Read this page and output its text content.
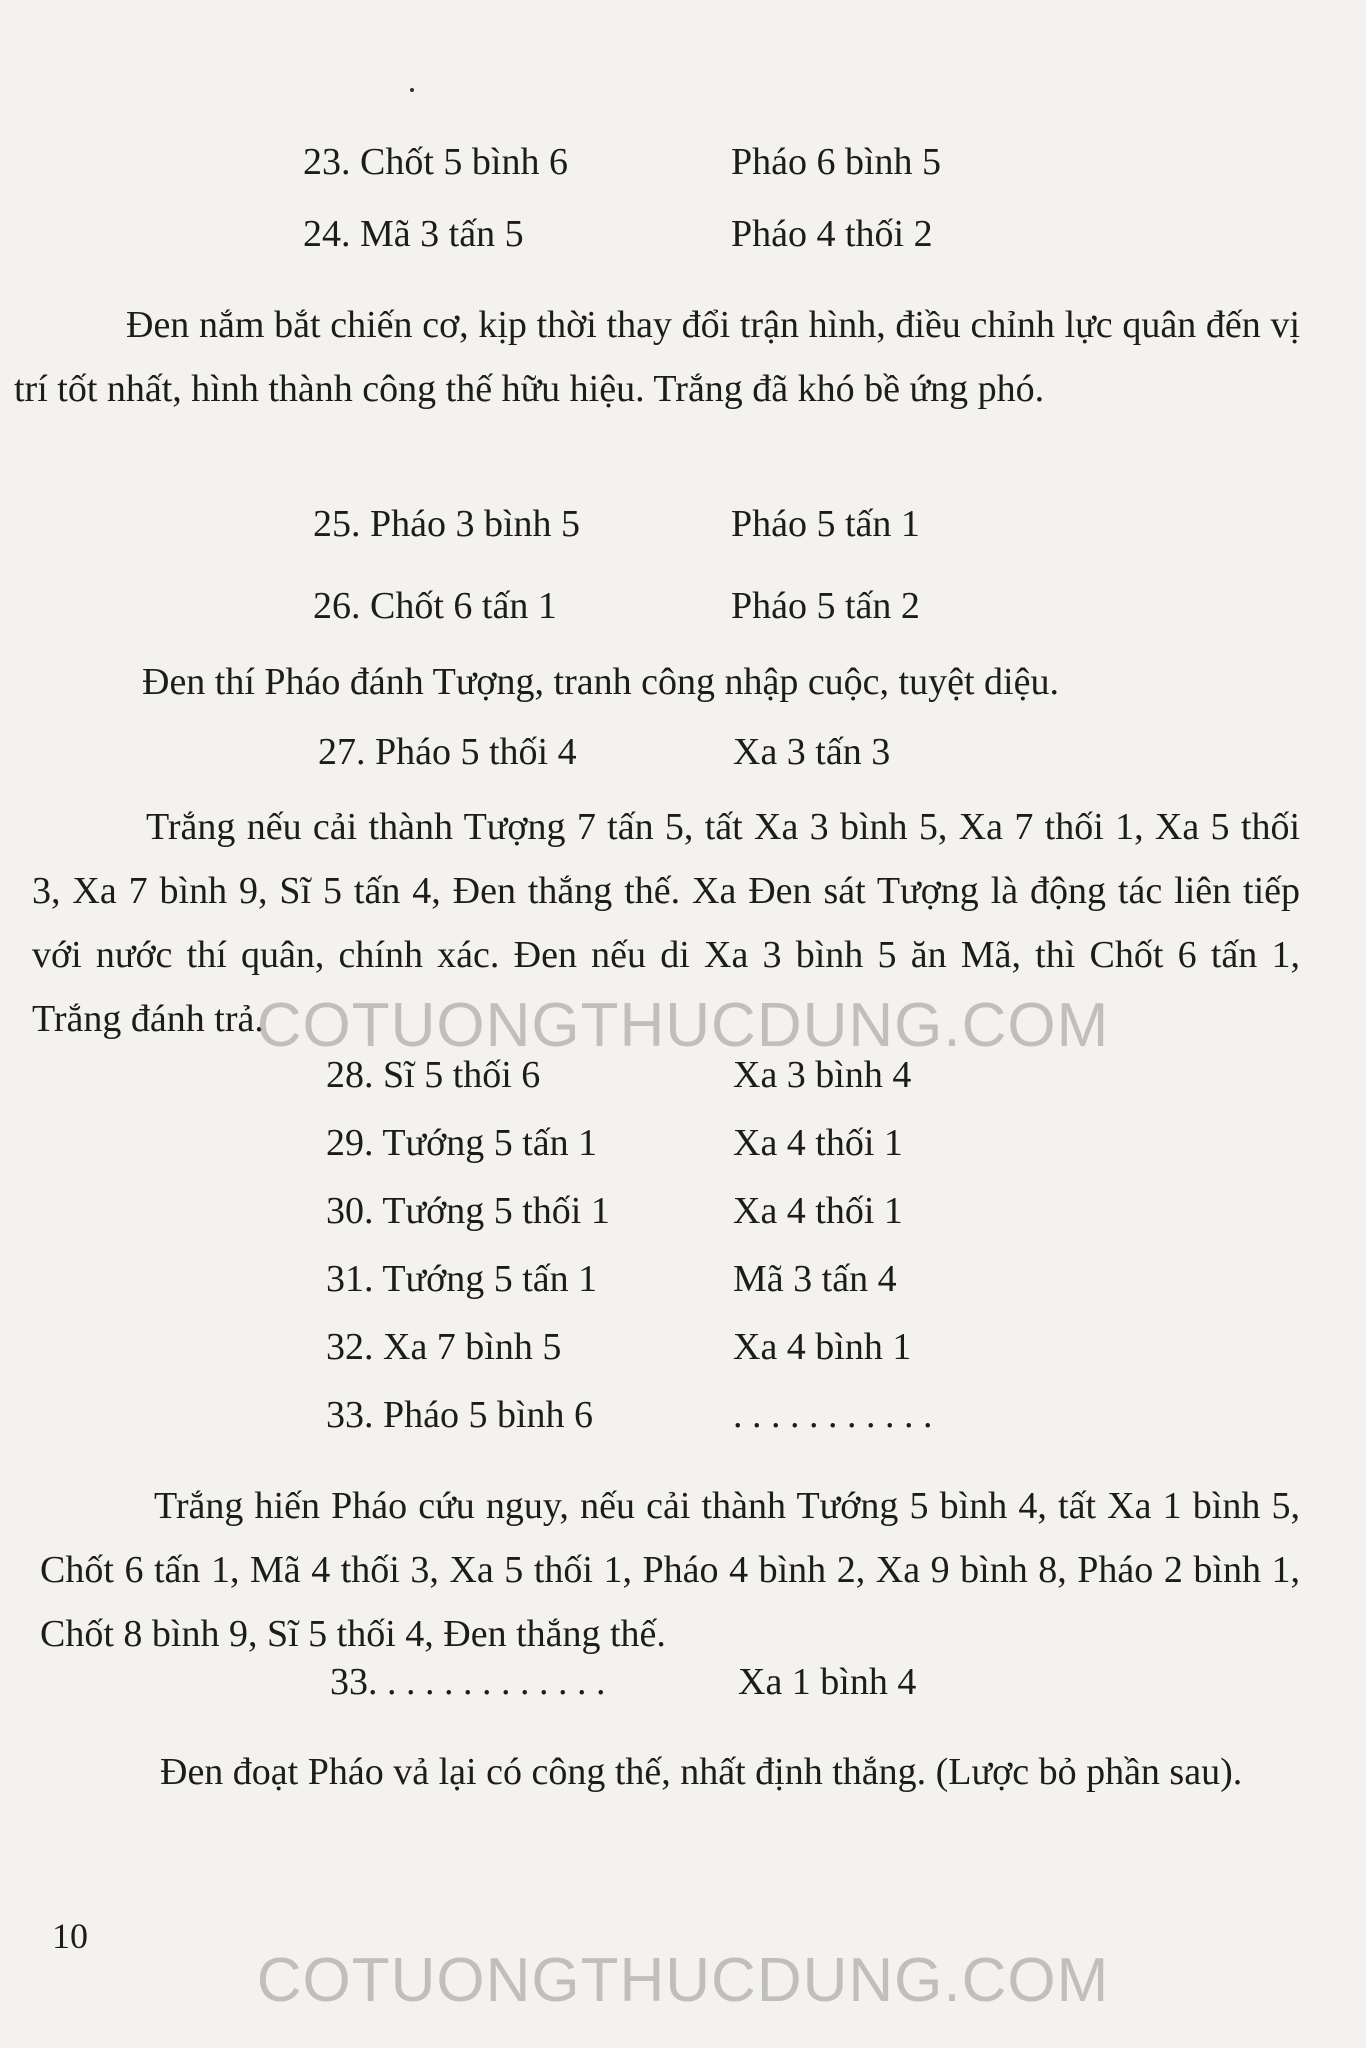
23. Chốt 5 bình 6	Pháo 6 bình 5
24. Mã 3 tấn 5	Pháo 4 thối 2

Đen nắm bắt chiến cơ, kịp thời thay đổi trận hình, điều chỉnh lực quân đến vị trí tốt nhất, hình thành công thế hữu hiệu. Trắng đã khó bề ứng phó.

25. Pháo 3 bình 5	Pháo 5 tấn 1
26. Chốt 6 tấn 1	Pháo 5 tấn 2

Đen thí Pháo đánh Tượng, tranh công nhập cuộc, tuyệt diệu.

27. Pháo 5 thối 4	Xa 3 tấn 3

Trắng nếu cải thành Tượng 7 tấn 5, tất Xa 3 bình 5, Xa 7 thối 1, Xa 5 thối 3, Xa 7 bình 9, Sĩ 5 tấn 4, Đen thắng thế. Xa Đen sát Tượng là động tác liên tiếp với nước thí quân, chính xác. Đen nếu di Xa 3 bình 5 ăn Mã, thì Chốt 6 tấn 1, Trắng đánh trả.

28. Sĩ 5 thối 6	Xa 3 bình 4
29. Tướng 5 tấn 1	Xa 4 thối 1
30. Tướng 5 thối 1	Xa 4 thối 1
31. Tướng 5 tấn 1	Mã 3 tấn 4
32. Xa 7 bình 5	Xa 4 bình 1
33. Pháo 5 bình 6	. . . . . . . . . . .

Trắng hiến Pháo cứu nguy, nếu cải thành Tướng 5 bình 4, tất Xa 1 bình 5, Chốt 6 tấn 1, Mã 4 thối 3, Xa 5 thối 1, Pháo 4 bình 2, Xa 9 bình 8, Pháo 2 bình 1, Chốt 8 bình 9, Sĩ 5 thối 4, Đen thắng thế.

33. . . . . . . . . . . . .	Xa 1 bình 4

Đen đoạt Pháo vả lại có công thế, nhất định thắng. (Lược bỏ phần sau).

10
COTUONGTHUCDUNG.COM
COTUONGTHUCDUNG.COM
